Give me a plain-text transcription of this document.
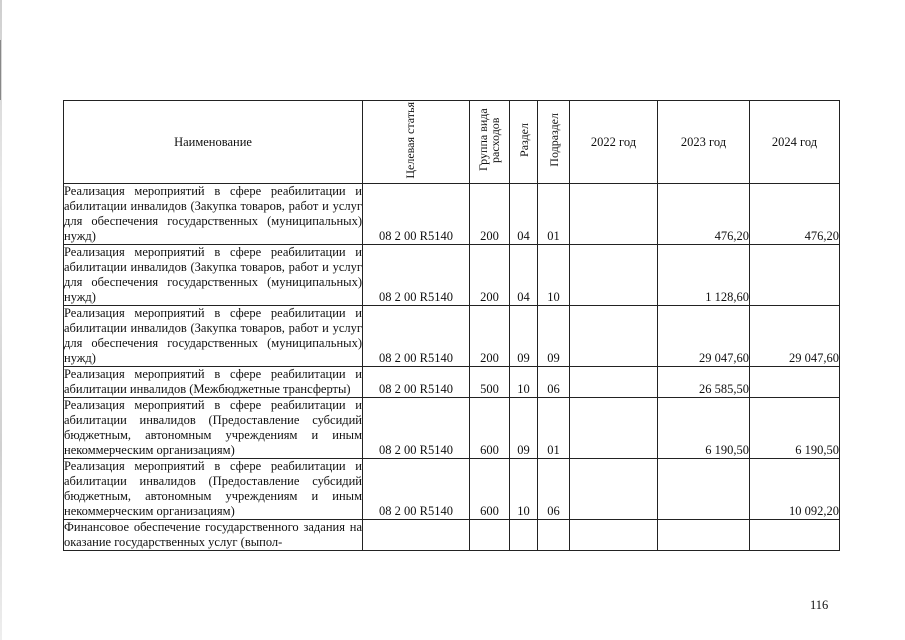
Наименование	Целевая статья	Группа вида расходов	Раздел	Подраздел	2022 год	2023 год	2024 год
Реализация мероприятий в сфере реабилитации и абилитации инвалидов (Закупка товаров, работ и услуг для обеспечения государственных (муниципальных) нужд)	08 2 00 R5140	200	04	01		476,20	476,20
Реализация мероприятий в сфере реабилитации и абилитации инвалидов (Закупка товаров, работ и услуг для обеспечения государственных (муниципальных) нужд)	08 2 00 R5140	200	04	10		1 128,60	
Реализация мероприятий в сфере реабилитации и абилитации инвалидов (Закупка товаров, работ и услуг для обеспечения государственных (муниципальных) нужд)	08 2 00 R5140	200	09	09		29 047,60	29 047,60
Реализация мероприятий в сфере реабилитации и абилитации инвалидов (Межбюджетные трансферты)	08 2 00 R5140	500	10	06		26 585,50	
Реализация мероприятий в сфере реабилитации и абилитации инвалидов (Предоставление субсидий бюджетным, автономным учреждениям и иным некоммерческим организациям)	08 2 00 R5140	600	09	01		6 190,50	6 190,50
Реализация мероприятий в сфере реабилитации и абилитации инвалидов (Предоставление субсидий бюджетным, автономным учреждениям и иным некоммерческим организациям)	08 2 00 R5140	600	10	06			10 092,20
Финансовое обеспечение государственного задания на оказание государственных услуг (выпол-							
116
